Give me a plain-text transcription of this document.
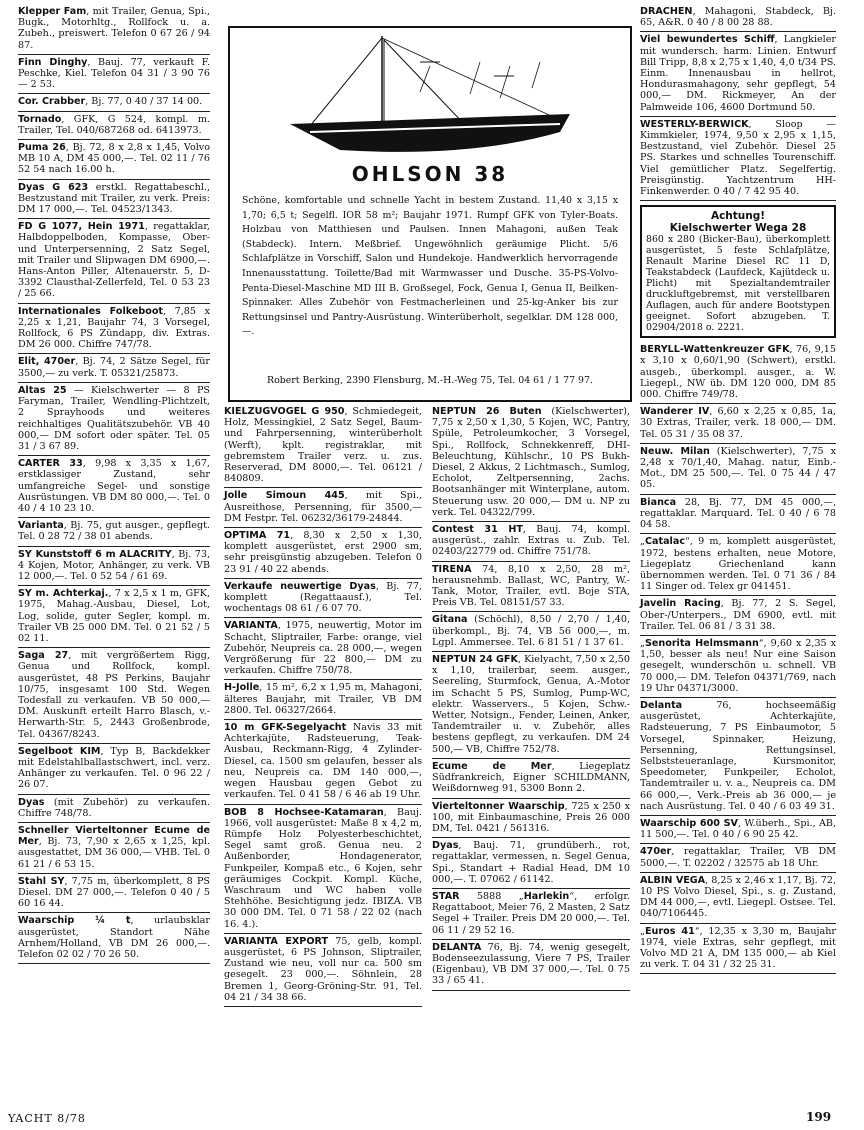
Klepper Fam, mit Trailer, Genua, Spi., Bugk., Motorhltg., Rollfock u. a. Zubeh., preiswert. Telefon 0 67 26 / 94 87.
Finn Dinghy, Bauj. 77, verkauft F. Peschke, Kiel. Telefon 04 31 / 3 90 76 — 2 53.
Cor. Crabber, Bj. 77, 0 40 / 37 14 00.
Tornado, GFK, G 524, kompl. m. Trailer, Tel. 040/687268 od. 6413973.
Puma 26, Bj. 72, 8 x 2,8 x 1,45, Volvo MB 10 A, DM 45 000,—. Tel. 02 11 / 76 52 54 nach 16.00 h.
Dyas G 623 erstkl. Regattabeschl., Bestzustand mit Trailer, zu verk. Preis: DM 17 000,—. Tel. 04523/1343.
FD G 1077, Hein 1971, regattaklar, Halbdoppelboden, Kompasse, Ober- und Unterpersenning, 2 Satz Segel, mit Trailer und Slipwagen DM 6900,—. Hans-Anton Piller, Altenauerstr. 5, D-3392 Clausthal-Zellerfeld, Tel. 0 53 23 / 25 66.
Internationales Folkeboot, 7,85 x 2,25 x 1,21, Baujahr 74, 3 Vorsegel, Rollfock, 6 PS Zündapp, div. Extras. DM 26 000. Chiffre 747/78.
Elit, 470er, Bj. 74, 2 Sätze Segel, für 3500,— zu verk. T. 05321/25873.
Altas 25 — Kielschwerter — 8 PS Faryman, Trailer, Wendling-Plichtzelt, 2 Sprayhoods und weiteres reichhaltiges Qualitätszubehör. VB 40 000,— DM sofort oder später. Tel. 05 31 / 3 67 89.
CARTER 33, 9,98 x 3,35 x 1,67, erstklassiger Zustand, sehr umfangreiche Segel- und sonstige Ausrüstungen. VB DM 80 000,—. Tel. 0 40 / 4 10 23 10.
Varianta, Bj. 75, gut ausger., gepflegt. Tel. 0 28 72 / 38 01 abends.
SY Kunststoff 6 m ALACRITY, Bj. 73, 4 Kojen, Motor, Anhänger, zu verk. VB 12 000,—. Tel. 0 52 54 / 61 69.
SY m. Achterkaj., 7 x 2,5 x 1 m, GFK, 1975, Mahag.-Ausbau, Diesel, Lot, Log, solide, guter Segler, kompl. m. Trailer VB 25 000 DM. Tel. 0 21 52 / 5 02 11.
Saga 27, mit vergrößertem Rigg, Genua und Rollfock, kompl. ausgerüstet, 48 PS Perkins, Baujahr 10/75, insgesamt 100 Std. Wegen Todesfall zu verkaufen. VB 50 000,— DM. Auskunft erteilt Harro Blasch, v.-Herwarth-Str. 5, 2443 Großenbrode, Tel. 04367/8243.
Segelboot KIM, Typ B, Backdekker mit Edelstahlballastschwert, incl. verz. Anhänger zu verkaufen. Tel. 0 96 22 / 26 07.
Dyas (mit Zubehör) zu verkaufen. Chiffre 748/78.
Schneller Vierteltonner Ecume de Mer, Bj. 73, 7,90 x 2,65 x 1,25, kpl. ausgestattet, DM 36 000,— VHB. Tel. 0 61 21 / 6 53 15.
Stahl SY, 7,75 m, überkomplett, 8 PS Diesel. DM 27 000,—. Telefon 0 40 / 5 60 16 44.
Waarschip ¼ t, urlaubsklar ausgerüstet, Standort Nähe Arnhem/Holland, VB DM 26 000,—. Telefon 02 02 / 70 26 50.
OHLSON 38
Schöne, komfortable und schnelle Yacht in bestem Zustand. 11,40 x 3,15 x 1,70; 6,5 t; Segelfl. IOR 58 m²; Baujahr 1971. Rumpf GFK von Tyler-Boats. Holzbau von Matthiesen und Paulsen. Innen Mahagoni, außen Teak (Stabdeck). Intern. Meßbrief. Ungewöhnlich geräumige Plicht. 5/6 Schlafplätze in Vorschiff, Salon und Hundekoje. Handwerklich hervorragende Innenausstattung. Toilette/Bad mit Warmwasser und Dusche. 35-PS-Volvo-Penta-Diesel-Maschine MD III B. Großsegel, Fock, Genua I, Genua II, Beilken-Spinnaker. Alles Zubehör von Festmacherleinen und 25-kg-Anker bis zur Rettungsinsel und Pantry-Ausrüstung. Winterüberholt, segelklar. DM 128 000,—.
Robert Berking, 2390 Flensburg, M.-H.-Weg 75, Tel. 04 61 / 1 77 97.
KIELZUGVOGEL G 950, Schmiedegeit, Holz, Messingkiel, 2 Satz Segel, Baum- und Fahrpersenning, winterüberholt (Werft), kplt. registraklar, mit gebremstem Trailer verz. u. zus. Reserverad, DM 8000,—. Tel. 06121 / 840809.
Jolle Simoun 445, mit Spi., Ausreithose, Persenning, für 3500,— DM Festpr. Tel. 06232/36179-24844.
OPTIMA 71, 8,30 x 2,50 x 1,30, komplett ausgerüstet, erst 2900 sm, sehr preisgünstig abzugeben. Telefon 0 23 91 / 40 22 abends.
Verkaufe neuwertige Dyas, Bj. 77, komplett (Regattaausf.), Tel. wochentags 08 61 / 6 07 70.
VARIANTA, 1975, neuwertig, Motor im Schacht, Sliptrailer, Farbe: orange, viel Zubehör, Neupreis ca. 28 000,—, wegen Vergrößerung für 22 800,— DM zu verkaufen. Chiffre 750/78.
H-Jolle, 15 m², 6,2 x 1,95 m, Mahagoni, älteres Baujahr, mit Trailer, VB DM 2800. Tel. 06327/2664.
10 m GFK-Segelyacht Navis 33 mit Achterkajüte, Radsteuerung, Teak-Ausbau, Reckmann-Rigg, 4 Zylinder-Diesel, ca. 1500 sm gelaufen, besser als neu, Neupreis ca. DM 140 000,—, wegen Hausbau gegen Gebot zu verkaufen. Tel. 0 41 58 / 6 46 ab 19 Uhr.
BOB 8 Hochsee-Katamaran, Bauj. 1966, voll ausgerüstet: Maße 8 x 4,2 m, Rümpfe Holz Polyesterbeschichtet, Segel samt groß. Genua neu. 2 Außenborder, Hondagenerator, Funkpeiler, Kompaß etc., 6 Kojen, sehr geräumiges Cockpit. Kompl. Küche, Waschraum und WC haben volle Stehhöhe. Besichtigung jedz. IBIZA. VB 30 000 DM. Tel. 0 71 58 / 22 02 (nach 16. 4.).
VARIANTA EXPORT 75, gelb, kompl. ausgerüstet, 6 PS Johnson, Sliptrailer, Zustand wie neu, voll nur ca. 500 sm gesegelt. 23 000,—. Söhnlein, 28 Bremen 1, Georg-Gröning-Str. 91, Tel. 04 21 / 34 38 66.
NEPTUN 26 Buten (Kielschwerter), 7,75 x 2,50 x 1,30, 5 Kojen, WC, Pantry, Spüle, Petroleumkocher, 3 Vorsegel, Spi., Rollfock, Schnekkenreff, DHI-Beleuchtung, Kühlschr., 10 PS Bukh-Diesel, 2 Akkus, 2 Lichtmasch., Sumlog, Echolot, Zeltpersenning, 2achs. Bootsanhänger mit Winterplane, autom. Steuerung usw. 20 000,— DM u. NP zu verk. Tel. 04322/799.
Contest 31 HT, Bauj. 74, kompl. ausgerüst., zahlr. Extras u. Zub. Tel. 02403/22779 od. Chiffre 751/78.
TIRENA 74, 8,10 x 2,50, 28 m², herausnehmb. Ballast, WC, Pantry, W.-Tank, Motor, Trailer, evtl. Boje STA, Preis VB. Tel. 08151/57 33.
Gitana (Schöchl), 8,50 / 2,70 / 1,40, überkompl., Bj. 74, VB 56 000,—, m. Lgpl. Ammersee. Tel. 6 81 51 / 1 37 61.
NEPTUN 24 GFK, Kielyacht, 7,50 x 2,50 x 1,10, trailerbar, seem. ausger., Seereling, Sturmfock, Genua, A.-Motor im Schacht 5 PS, Sumlog, Pump-WC, elektr. Wasservers., 5 Kojen, Schw.-Wetter, Notsign., Fender, Leinen, Anker, Tandemtrailer u. v. Zubehör, alles bestens gepflegt, zu verkaufen. DM 24 500,— VB, Chiffre 752/78.
Ecume de Mer, Liegeplatz Südfrankreich, Eigner SCHILDMANN, Weißdornweg 91, 5300 Bonn 2.
Vierteltonner Waarschip, 725 x 250 x 100, mit Einbaumaschine, Preis 26 000 DM, Tel. 0421 / 561316.
Dyas, Bauj. 71, grundüberh., rot, regattaklar, vermessen, n. Segel Genua, Spi., Standart + Radial Head, DM 10 000,—. T. 07062 / 61142.
STAR 5888 „Harlekin“, erfolgr. Regattaboot, Meier 76, 2 Masten, 2 Satz Segel + Trailer. Preis DM 20 000,—. Tel. 06 11 / 29 52 16.
DELANTA 76, Bj. 74, wenig gesegelt, Bodenseezulassung, Viere 7 PS, Trailer (Eigenbau), VB DM 37 000,—. Tel. 0 75 33 / 65 41.
DRACHEN, Mahagoni, Stabdeck, Bj. 65, A&R. 0 40 / 8 00 28 88.
Viel bewundertes Schiff, Langkieler mit wundersch. harm. Linien. Entwurf Bill Tripp, 8,8 x 2,75 x 1,40, 4,0 t/34 PS. Einm. Innenausbau in hellrot, Hondurasmahagony, sehr gepflegt, 54 000,— DM. Rickmeyer, An der Palmweide 106, 4600 Dortmund 50.
WESTERLY-BERWICK, Sloop — Kimmkieler, 1974, 9,50 x 2,95 x 1,15, Bestzustand, viel Zubehör. Diesel 25 PS. Starkes und schnelles Tourenschiff. Viel gemütlicher Platz. Segelfertig. Preisgünstig. Yachtzentrum HH-Finkenwerder. 0 40 / 7 42 95 40.
Achtung!
Kielschwerter Wega 28
860 x 280 (Bicker-Bau), überkomplett ausgerüstet, 5 feste Schlafplätze, Renault Marine Diesel RC 11 D, Teakstabdeck (Laufdeck, Kajütdeck u. Plicht) mit Spezialtandemtrailer druckluftgebremst, mit verstellbaren Auflagen, auch für andere Bootstypen geeignet. Sofort abzugeben. T. 02904/2018 o. 2221.
BERYLL-Wattenkreuzer GFK, 76, 9,15 x 3,10 x 0,60/1,90 (Schwert), erstkl. ausgeb., überkompl. ausger., a. W. Liegepl., NW üb. DM 120 000, DM 85 000. Chiffre 749/78.
Wanderer IV, 6,60 x 2,25 x 0,85, 1a, 30 Extras, Trailer, verk. 18 000,— DM. Tel. 05 31 / 35 08 37.
Neuw. Milan (Kielschwerter), 7,75 x 2,48 x 70/1,40, Mahag. natur, Einb.-Mot., DM 25 500,—. Tel. 0 75 44 / 47 05.
Bianca 28, Bj. 77, DM 45 000,—, regattaklar. Marquard. Tel. 0 40 / 6 78 04 58.
„Catalac“, 9 m, komplett ausgerüstet, 1972, bestens erhalten, neue Motore, Liegeplatz Griechenland kann übernommen werden. Tel. 0 71 36 / 84 11 Singer od. Telex gr 041451.
Javelin Racing, Bj. 77, 2 S. Segel, Ober-/Unterpers., DM 6900, evtl. mit Trailer. Tel. 06 81 / 3 31 38.
„Senorita Helmsmann“, 9,60 x 2,35 x 1,50, besser als neu! Nur eine Saison gesegelt, wunderschön u. schnell. VB 70 000,— DM. Telefon 04371/769, nach 19 Uhr 04371/3000.
Delanta 76, hochseemäßig ausgerüstet, Achterkajüte, Radsteuerung, 7 PS Einbaumotor, 5 Vorsegel, Spinnaker, Heizung, Persenning, Rettungsinsel, Selbststeueranlage, Kursmonitor, Speedometer, Funkpeiler, Echolot, Tandemtrailer u. v. a., Neupreis ca. DM 66 000,—, Verk.-Preis ab 36 000,— je nach Ausrüstung. Tel. 0 40 / 6 03 49 31.
Waarschip 600 SV, W.überh., Spi., AB, 11 500,—. Tel. 0 40 / 6 90 25 42.
470er, regattaklar, Trailer, VB DM 5000,—. T. 02202 / 32575 ab 18 Uhr.
ALBIN VEGA, 8,25 x 2,46 x 1,17, Bj. 72, 10 PS Volvo Diesel, Spi., s. g. Zustand, DM 44 000,—, evtl. Liegepl. Ostsee. Tel. 040/7106445.
„Euros 41“, 12,35 x 3,30 m, Baujahr 1974, viele Extras, sehr gepflegt, mit Volvo MD 21 A, DM 135 000,— ab Kiel zu verk. T. 04 31 / 32 25 31.
YACHT 8/78	199
